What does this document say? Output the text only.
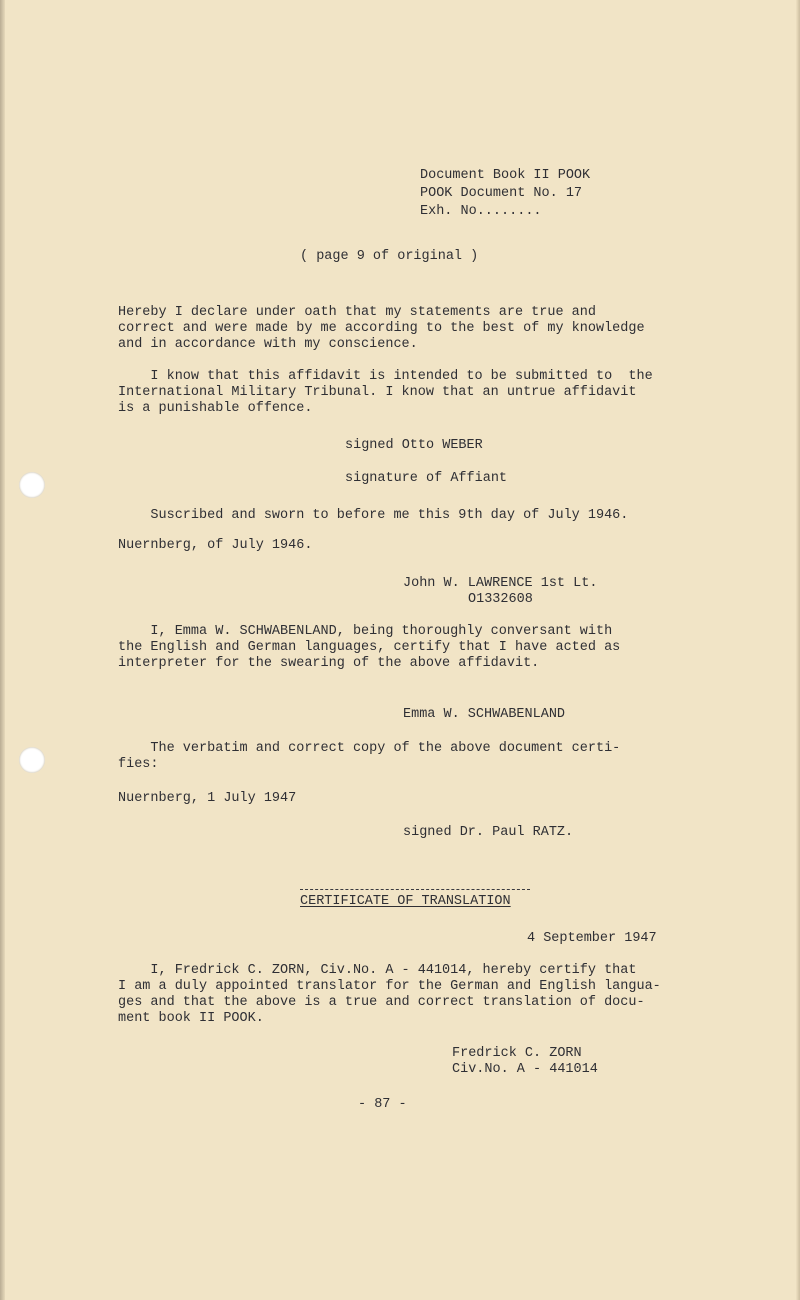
Document Book II POOK
POOK Document No. 17
Exh. No........
( page 9 of original )
Hereby I declare under oath that my statements are true and
correct and were made by me according to the best of my knowledge
and in accordance with my conscience.
I know that this affidavit is intended to be submitted to  the
International Military Tribunal. I know that an untrue affidavit
is a punishable offence.
signed Otto WEBER
signature of Affiant
Suscribed and sworn to before me this 9th day of July 1946.
Nuernberg, of July 1946.
John W. LAWRENCE 1st Lt.
O1332608
I, Emma W. SCHWABENLAND, being thoroughly conversant with
the English and German languages, certify that I have acted as
interpreter for the swearing of the above affidavit.
Emma W. SCHWABENLAND
The verbatim and correct copy of the above document certi-
fies:
Nuernberg, 1 July 1947
signed Dr. Paul RATZ.
CERTIFICATE OF TRANSLATION
4 September 1947
I, Fredrick C. ZORN, Civ.No. A - 441014, hereby certify that
I am a duly appointed translator for the German and English langua-
ges and that the above is a true and correct translation of docu-
ment book II POOK.
Fredrick C. ZORN
Civ.No. A - 441014
- 87 -
